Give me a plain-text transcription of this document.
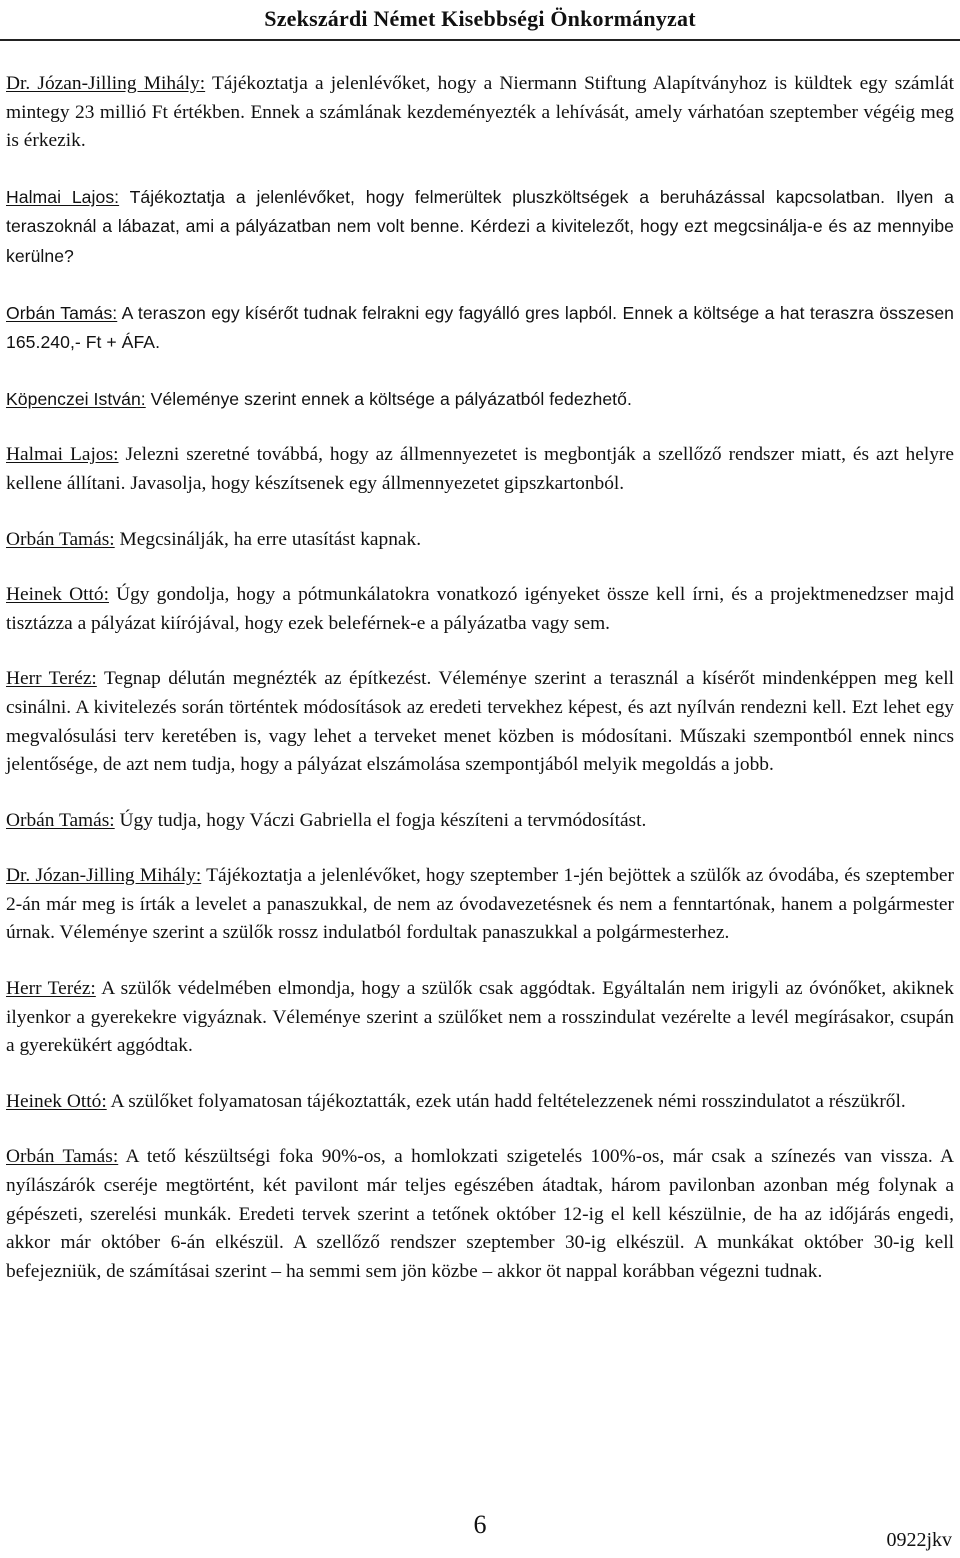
Szekszárdi Német Kisebbségi Önkormányzat

Dr. Józan-Jilling Mihály: Tájékoztatja a jelenlévőket, hogy a Niermann Stiftung Alapítványhoz is küldtek egy számlát mintegy 23 millió Ft értékben. Ennek a számlának kezdeményezték a lehívását, amely várhatóan szeptember végéig meg is érkezik.

Halmai Lajos: Tájékoztatja a jelenlévőket, hogy felmerültek pluszköltségek a beruházással kapcsolatban. Ilyen a teraszoknál a lábazat, ami a pályázatban nem volt benne. Kérdezi a kivitelezőt, hogy ezt megcsinálja-e és az mennyibe kerülne?

Orbán Tamás: A teraszon egy kísérőt tudnak felrakni egy fagyálló gres lapból. Ennek a költsége a hat teraszra összesen 165.240,- Ft + ÁFA.

Köpenczei István: Véleménye szerint ennek a költsége a pályázatból fedezhető.

Halmai Lajos: Jelezni szeretné továbbá, hogy az állmennyezetet is megbontják a szellőző rendszer miatt, és azt helyre kellene állítani. Javasolja, hogy készítsenek egy állmennyezetet gipszkartonból.

Orbán Tamás: Megcsinálják, ha erre utasítást kapnak.

Heinek Ottó: Úgy gondolja, hogy a pótmunkálatokra vonatkozó igényeket össze kell írni, és a projektmenedzser majd tisztázza a pályázat kiírójával, hogy ezek beleférnek-e a pályázatba vagy sem.

Herr Teréz: Tegnap délután megnézték az építkezést. Véleménye szerint a terasznál a kísérőt mindenképpen meg kell csinálni. A kivitelezés során történtek módosítások az eredeti tervekhez képest, és azt nyílván rendezni kell. Ezt lehet egy megvalósulási terv keretében is, vagy lehet a terveket menet közben is módosítani. Műszaki szempontból ennek nincs jelentősége, de azt nem tudja, hogy a pályázat elszámolása szempontjából melyik megoldás a jobb.

Orbán Tamás: Úgy tudja, hogy Váczi Gabriella el fogja készíteni a tervmódosítást.

Dr. Józan-Jilling Mihály: Tájékoztatja a jelenlévőket, hogy szeptember 1-jén bejöttek a szülők az óvodába, és szeptember 2-án már meg is írták a levelet a panaszukkal, de nem az óvodavezetésnek és nem a fenntartónak, hanem a polgármester úrnak. Véleménye szerint a szülők rossz indulatból fordultak panaszukkal a polgármesterhez.

Herr Teréz: A szülők védelmében elmondja, hogy a szülők csak aggódtak. Egyáltalán nem irigyli az óvónőket, akiknek ilyenkor a gyerekekre vigyáznak. Véleménye szerint a szülőket nem a rosszindulat vezérelte a levél megírásakor, csupán a gyerekükért aggódtak.

Heinek Ottó: A szülőket folyamatosan tájékoztatták, ezek után hadd feltételezzenek némi rosszindulatot a részükről.

Orbán Tamás: A tető készültségi foka 90%-os, a homlokzati szigetelés 100%-os, már csak a színezés van vissza. A nyílászárók cseréje megtörtént, két pavilont már teljes egészében átadtak, három pavilonban azonban még folynak a gépészeti, szerelési munkák. Eredeti tervek szerint a tetőnek október 12-ig el kell készülnie, de ha az időjárás engedi, akkor már október 6-án elkészül. A szellőző rendszer szeptember 30-ig elkészül. A munkákat október 30-ig kell befejezniük, de számításai szerint – ha semmi sem jön közbe – akkor öt nappal korábban végezni tudnak.

6
0922jkv
